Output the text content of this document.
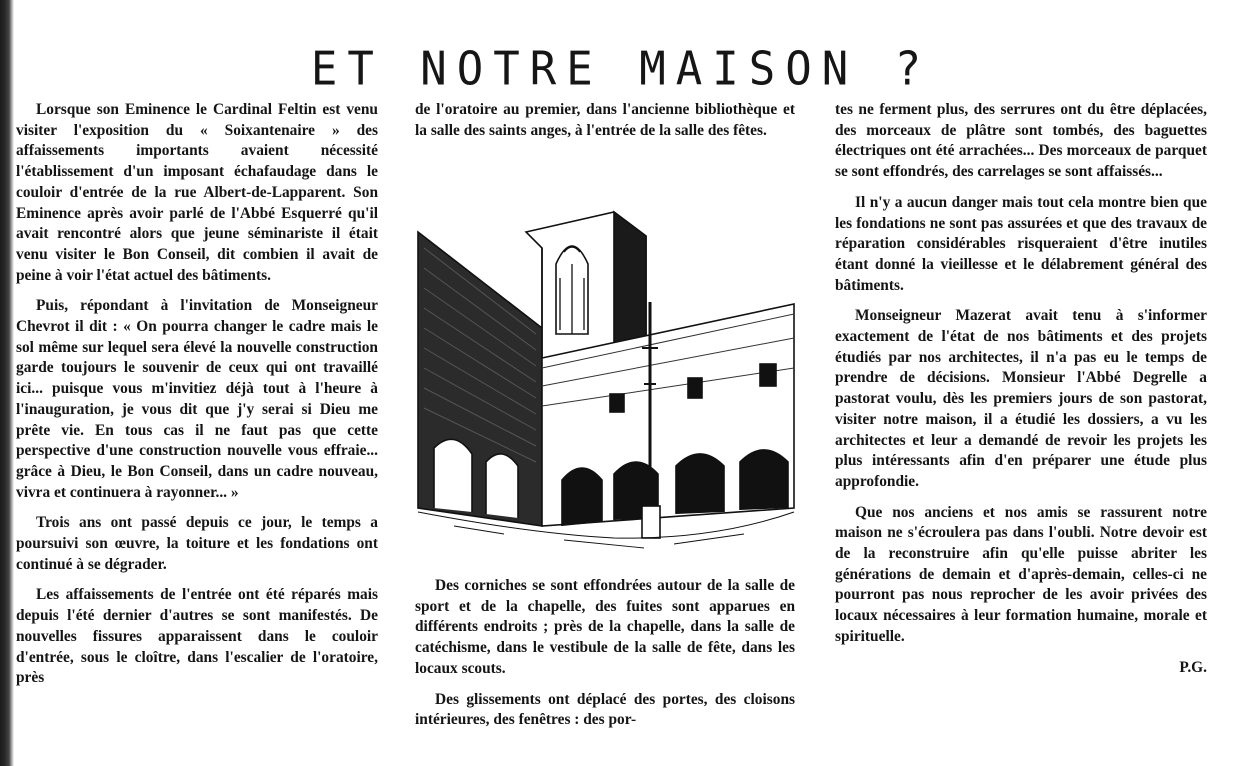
ET NOTRE MAISON ?

Lorsque son Eminence le Cardinal Feltin est venu visiter l'exposition du « Soixantenaire » des affaissements importants avaient nécessité l'établissement d'un imposant échafaudage dans le couloir d'entrée de la rue Albert-de-Lapparent. Son Eminence après avoir parlé de l'Abbé Esquerré qu'il avait rencontré alors que jeune séminariste il était venu visiter le Bon Conseil, dit combien il avait de peine à voir l'état actuel des bâtiments.

Puis, répondant à l'invitation de Monseigneur Chevrot il dit : « On pourra changer le cadre mais le sol même sur lequel sera élevé la nouvelle construction garde toujours le souvenir de ceux qui ont travaillé ici... puisque vous m'invitiez déjà tout à l'heure à l'inauguration, je vous dit que j'y serai si Dieu me prête vie. En tous cas il ne faut pas que cette perspective d'une construction nouvelle vous effraie... grâce à Dieu, le Bon Conseil, dans un cadre nouveau, vivra et continuera à rayonner... »

Trois ans ont passé depuis ce jour, le temps a poursuivi son œuvre, la toiture et les fondations ont continué à se dégrader.

Les affaissements de l'entrée ont été réparés mais depuis l'été dernier d'autres se sont manifestés. De nouvelles fissures apparaissent dans le couloir d'entrée, sous le cloître, dans l'escalier de l'oratoire, près

de l'oratoire au premier, dans l'ancienne bibliothèque et la salle des saints anges, à l'entrée de la salle des fêtes.

Des corniches se sont effondrées autour de la salle de sport et de la chapelle, des fuites sont apparues en différents endroits ; près de la chapelle, dans la salle de catéchisme, dans le vestibule de la salle de fête, dans les locaux scouts.

Des glissements ont déplacé des portes, des cloisons intérieures, des fenêtres : des por-

tes ne ferment plus, des serrures ont du être déplacées, des morceaux de plâtre sont tombés, des baguettes électriques ont été arrachées... Des morceaux de parquet se sont effondrés, des carrelages se sont affaissés...

Il n'y a aucun danger mais tout cela montre bien que les fondations ne sont pas assurées et que des travaux de réparation considérables risqueraient d'être inutiles étant donné la vieillesse et le délabrement général des bâtiments.

Monseigneur Mazerat avait tenu à s'informer exactement de l'état de nos bâtiments et des projets étudiés par nos architectes, il n'a pas eu le temps de prendre de décisions. Monsieur l'Abbé Degrelle a pastorat voulu, dès les premiers jours de son pastorat, visiter notre maison, il a étudié les dossiers, a vu les architectes et leur a demandé de revoir les projets les plus intéressants afin d'en préparer une étude plus approfondie.

Que nos anciens et nos amis se rassurent notre maison ne s'écroulera pas dans l'oubli. Notre devoir est de la reconstruire afin qu'elle puisse abriter les générations de demain et d'après-demain, celles-ci ne pourront pas nous reprocher de les avoir privées des locaux nécessaires à leur formation humaine, morale et spirituelle.

P.G.
